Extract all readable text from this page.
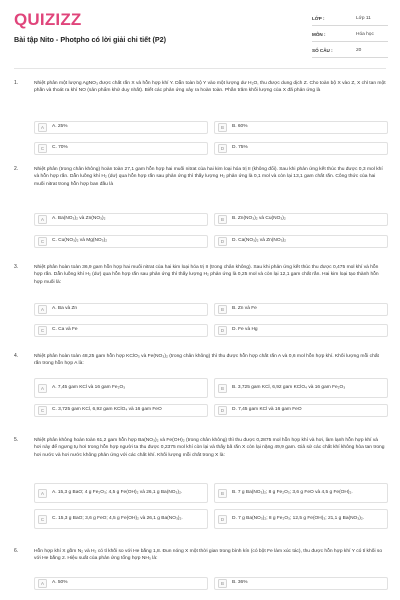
QUIZIZZ
Bài tập Nito - Photpho có lời giải chi tiết (P2)
LỚP :	Lớp 11
MÔN :	Hóa học
SỐ CÂU :	20
1.	Nhiệt phân một lượng AgNO₃ được chất rắn X và hỗn hợp khí Y. Dẫn toàn bộ Y vào một lượng dư H₂O, thu được dung dịch Z. Cho toàn bộ X vào Z, X chỉ tan một phần và thoát ra khí NO (sản phẩm khử duy nhất). Biết các phản ứng xảy ra hoàn toàn. Phần trăm khối lượng của X đã phản ứng là
A	A. 25%	B	B. 60%
C	C. 70%	D	D. 75%
2.	Nhiệt phân (trong chân không) hoàn toàn 27,1 gam hỗn hợp hai muối nitrat của hai kim loại hóa trị II (không đổi). Sau khi phản ứng kết thúc thu được 0,3 mol khí và hỗn hợp rắn. Dẫn luồng khí H₂ (dư) qua hỗn hợp rắn sau phản ứng thì thấy lượng H₂ phản ứng là 0,1 mol và còn lại 13,1 gam chất rắn. Công thức của hai muối nitrat trong hỗn hợp ban đầu là
A	A. Ba(NO₃)₂ và Zn(NO₃)₂	B	B. Zn(NO₃)₂ và Cu(NO₃)₂
C	C. Cu(NO₃)₂ và Mg(NO₃)₂	D	D. Ca(NO₃)₂ và Zn(NO₃)₂
3.	Nhiệt phân hoàn toàn 36,9 gam hỗn hợp hai muối nitrat của hai kim loại hóa trị II (trong chân không). Sau khi phản ứng kết thúc thu được 0,475 mol khí và hỗn hợp rắn. Dẫn luồng khí H₂ (dư) qua hỗn hợp rắn sau phản ứng thì thấy lượng H₂ phản ứng là 0,25 mol và còn lại 12,1 gam chất rắn. Hai kim loại tạo thành hỗn hợp muối là:
A	A. Ba và Zn	B	B. Zn và Fe
C	C. Ca và Fe	D	D. Fe và Hg
4.	Nhiệt phân hoàn toàn 48,25 gam hỗn hợp KClO₃ và Fe(NO₃)₂ (trong chân không) thì thu được hỗn hợp chất rắn A và 0,6 mol hỗn hợp khí. Khối lượng mỗi chất rắn trong hỗn hợp A là:
A	A. 7,45 gam KCl và 16 gam Fe₂O₃	B	B. 3,725 gam KCl, 6,92 gam KClO₄ và 16 gam Fe₂O₃
C	C. 3,725 gam KCl, 6,92 gam KClO₄ và 16 gam FeO	D	D. 7,45 gam KCl và 16 gam FeO
5.	Nhiệt phân không hoàn toàn 61,2 gam hỗn hợp Ba(NO₃)₂ và Fe(OH)₂ (trong chân không) thì thu được 0,2875 mol hỗn hợp khí và hơi, làm lạnh hỗn hợp khí và hơi này để ngưng tụ hơi trong hỗn hợp người ta thu được 0,2375 mol khí còn lại và thấy bã rắn X còn lại nặng 49,9 gam. Giả sử các chất khí không hòa tan trong hơi nước và hơi nước không phản ứng với các chất khí. Khối lượng mỗi chất trong X là:
A	A. 15,3 g BaO; 4 g Fe₂O₃; 4,5 g Fe(OH)₂ và 26,1 g Ba(NO₃)₂.	B	B. 7 g Ba(NO₃)₂; 8 g Fe₂O₃; 3,6 g FeO và 4,5 g Fe(OH)₂.
C	C. 15,3 g BaO; 3,6 g FeO; 4,5 g Fe(OH)₂ và 26,1 g Ba(NO₃)₂.	D	D. 7 g Ba(NO₃)₂; 8 g Fe₂O₃; 12,5 g Fe(OH)₃; 21,1 g Ba(NO₃)₂.
6.	Hỗn hợp khí X gồm N₂ và H₂ có tỉ khối so với He bằng 1,8. Đun nóng X một thời gian trong bình kín (có bột Fe làm xúc tác), thu được hỗn hợp khí Y có tỉ khối so với He bằng 2. Hiệu suất của phản ứng tổng hợp NH₃ là:
A	A. 50%	B	B. 36%
